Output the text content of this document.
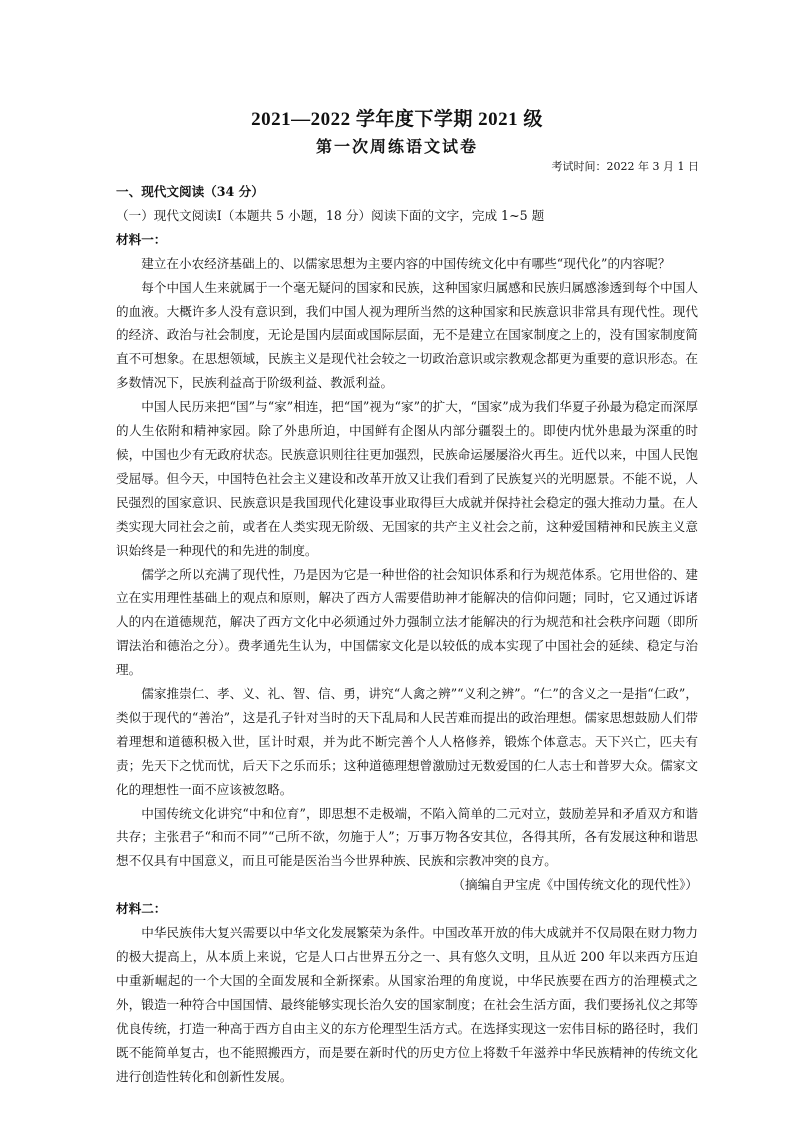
2021—2022 学年度下学期 2021 级
第一次周练语文试卷
考试时间：2022 年 3 月 1 日

一、现代文阅读（34 分）

（一）现代文阅读Ⅰ（本题共 5 小题，18 分）阅读下面的文字，完成 1~5 题

材料一：

建立在小农经济基础上的、以儒家思想为主要内容的中国传统文化中有哪些“现代化”的内容呢？

每个中国人生来就属于一个毫无疑问的国家和民族，这种国家归属感和民族归属感渗透到每个中国人的血液。大概许多人没有意识到，我们中国人视为理所当然的这种国家和民族意识非常具有现代性。现代的经济、政治与社会制度，无论是国内层面或国际层面，无不是建立在国家制度之上的，没有国家制度简直不可想象。在思想领域，民族主义是现代社会较之一切政治意识或宗教观念都更为重要的意识形态。在多数情况下，民族利益高于阶级利益、教派利益。

中国人民历来把“国”与“家”相连，把“国”视为“家”的扩大，“国家”成为我们华夏子孙最为稳定而深厚的人生依附和精神家园。除了外患所迫，中国鲜有企图从内部分疆裂土的。即使内忧外患最为深重的时候，中国也少有无政府状态。民族意识则往往更加强烈，民族命运屡屡浴火再生。近代以来，中国人民饱受屈辱。但今天，中国特色社会主义建设和改革开放又让我们看到了民族复兴的光明愿景。不能不说，人民强烈的国家意识、民族意识是我国现代化建设事业取得巨大成就并保持社会稳定的强大推动力量。在人类实现大同社会之前，或者在人类实现无阶级、无国家的共产主义社会之前，这种爱国精神和民族主义意识始终是一种现代的和先进的制度。

儒学之所以充满了现代性，乃是因为它是一种世俗的社会知识体系和行为规范体系。它用世俗的、建立在实用理性基础上的观点和原则，解决了西方人需要借助神才能解决的信仰问题；同时，它又通过诉诸人的内在道德规范，解决了西方文化中必须通过外力强制立法才能解决的行为规范和社会秩序问题（即所谓法治和德治之分）。费孝通先生认为，中国儒家文化是以较低的成本实现了中国社会的延续、稳定与治理。

儒家推崇仁、孝、义、礼、智、信、勇，讲究“人禽之辨”“义利之辨”。“仁”的含义之一是指“仁政”，类似于现代的“善治”，这是孔子针对当时的天下乱局和人民苦难而提出的政治理想。儒家思想鼓励人们带着理想和道德积极入世，匡计时艰，并为此不断完善个人人格修养，锻炼个体意志。天下兴亡，匹夫有责；先天下之忧而忧，后天下之乐而乐；这种道德理想曾激励过无数爱国的仁人志士和普罗大众。儒家文化的理想性一面不应该被忽略。

中国传统文化讲究“中和位育”，即思想不走极端，不陷入简单的二元对立，鼓励差异和矛盾双方和谐共存；主张君子“和而不同”“己所不欲，勿施于人”；万事万物各安其位，各得其所，各有发展这种和谐思想不仅具有中国意义，而且可能是医治当今世界种族、民族和宗教冲突的良方。

（摘编自尹宝虎《中国传统文化的现代性》）

材料二：

中华民族伟大复兴需要以中华文化发展繁荣为条件。中国改革开放的伟大成就并不仅局限在财力物力的极大提高上，从本质上来说，它是人口占世界五分之一、具有悠久文明，且从近 200 年以来西方压迫中重新崛起的一个大国的全面发展和全新探索。从国家治理的角度说，中华民族要在西方的治理模式之外，锻造一种符合中国国情、最终能够实现长治久安的国家制度；在社会生活方面，我们要扬礼仪之邦等优良传统，打造一种高于西方自由主义的东方伦理型生活方式。在选择实现这一宏伟目标的路径时，我们既不能简单复古，也不能照搬西方，而是要在新时代的历史方位上将数千年滋养中华民族精神的传统文化进行创造性转化和创新性发展。
